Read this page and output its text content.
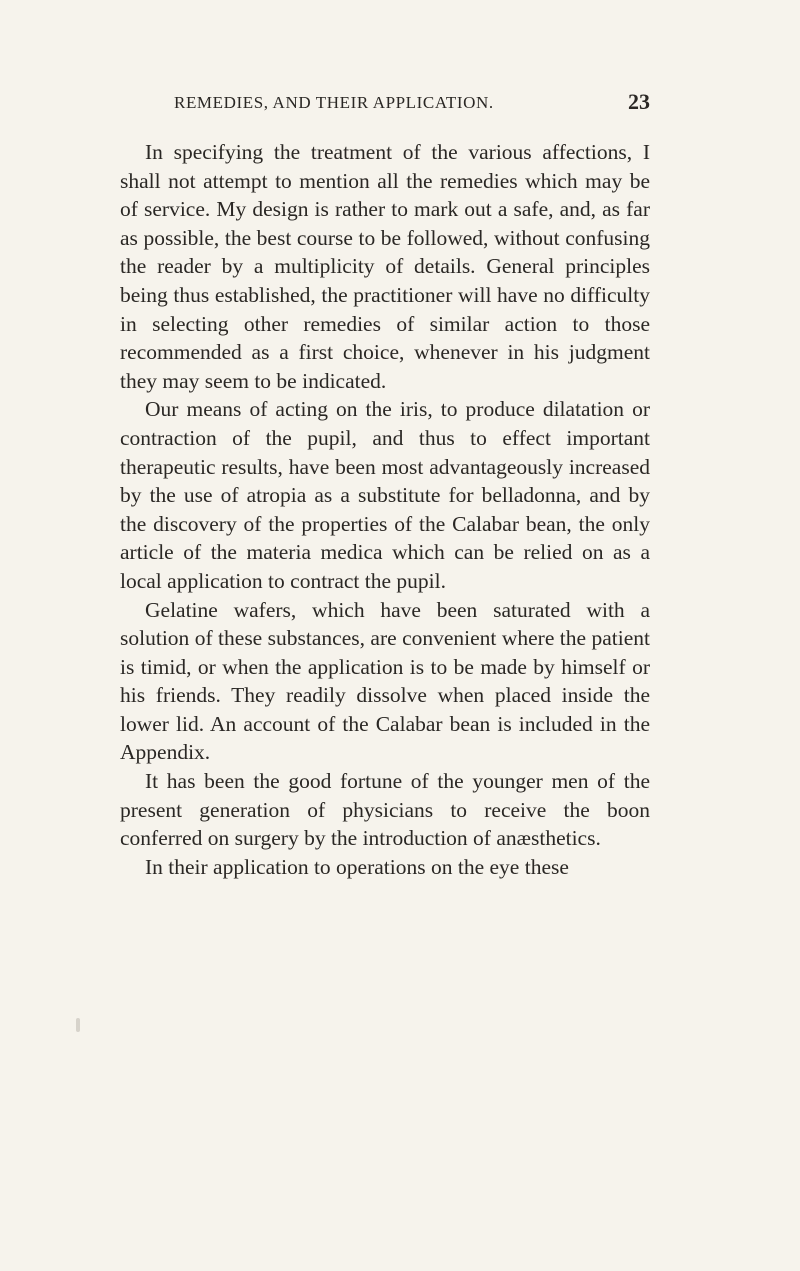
REMEDIES, AND THEIR APPLICATION.	23

In specifying the treatment of the various affections, I shall not attempt to mention all the remedies which may be of service. My design is rather to mark out a safe, and, as far as possible, the best course to be followed, without confusing the reader by a multiplicity of details. General principles being thus established, the practitioner will have no difficulty in selecting other remedies of similar action to those recommended as a first choice, whenever in his judgment they may seem to be indicated.

Our means of acting on the iris, to produce dilatation or contraction of the pupil, and thus to effect important therapeutic results, have been most advantageously increased by the use of atropia as a substitute for belladonna, and by the discovery of the properties of the Calabar bean, the only article of the materia medica which can be relied on as a local application to contract the pupil.

Gelatine wafers, which have been saturated with a solution of these substances, are convenient where the patient is timid, or when the application is to be made by himself or his friends. They readily dissolve when placed inside the lower lid. An account of the Calabar bean is included in the Appendix.

It has been the good fortune of the younger men of the present generation of physicians to receive the boon conferred on surgery by the introduction of anæsthetics.

In their application to operations on the eye these
